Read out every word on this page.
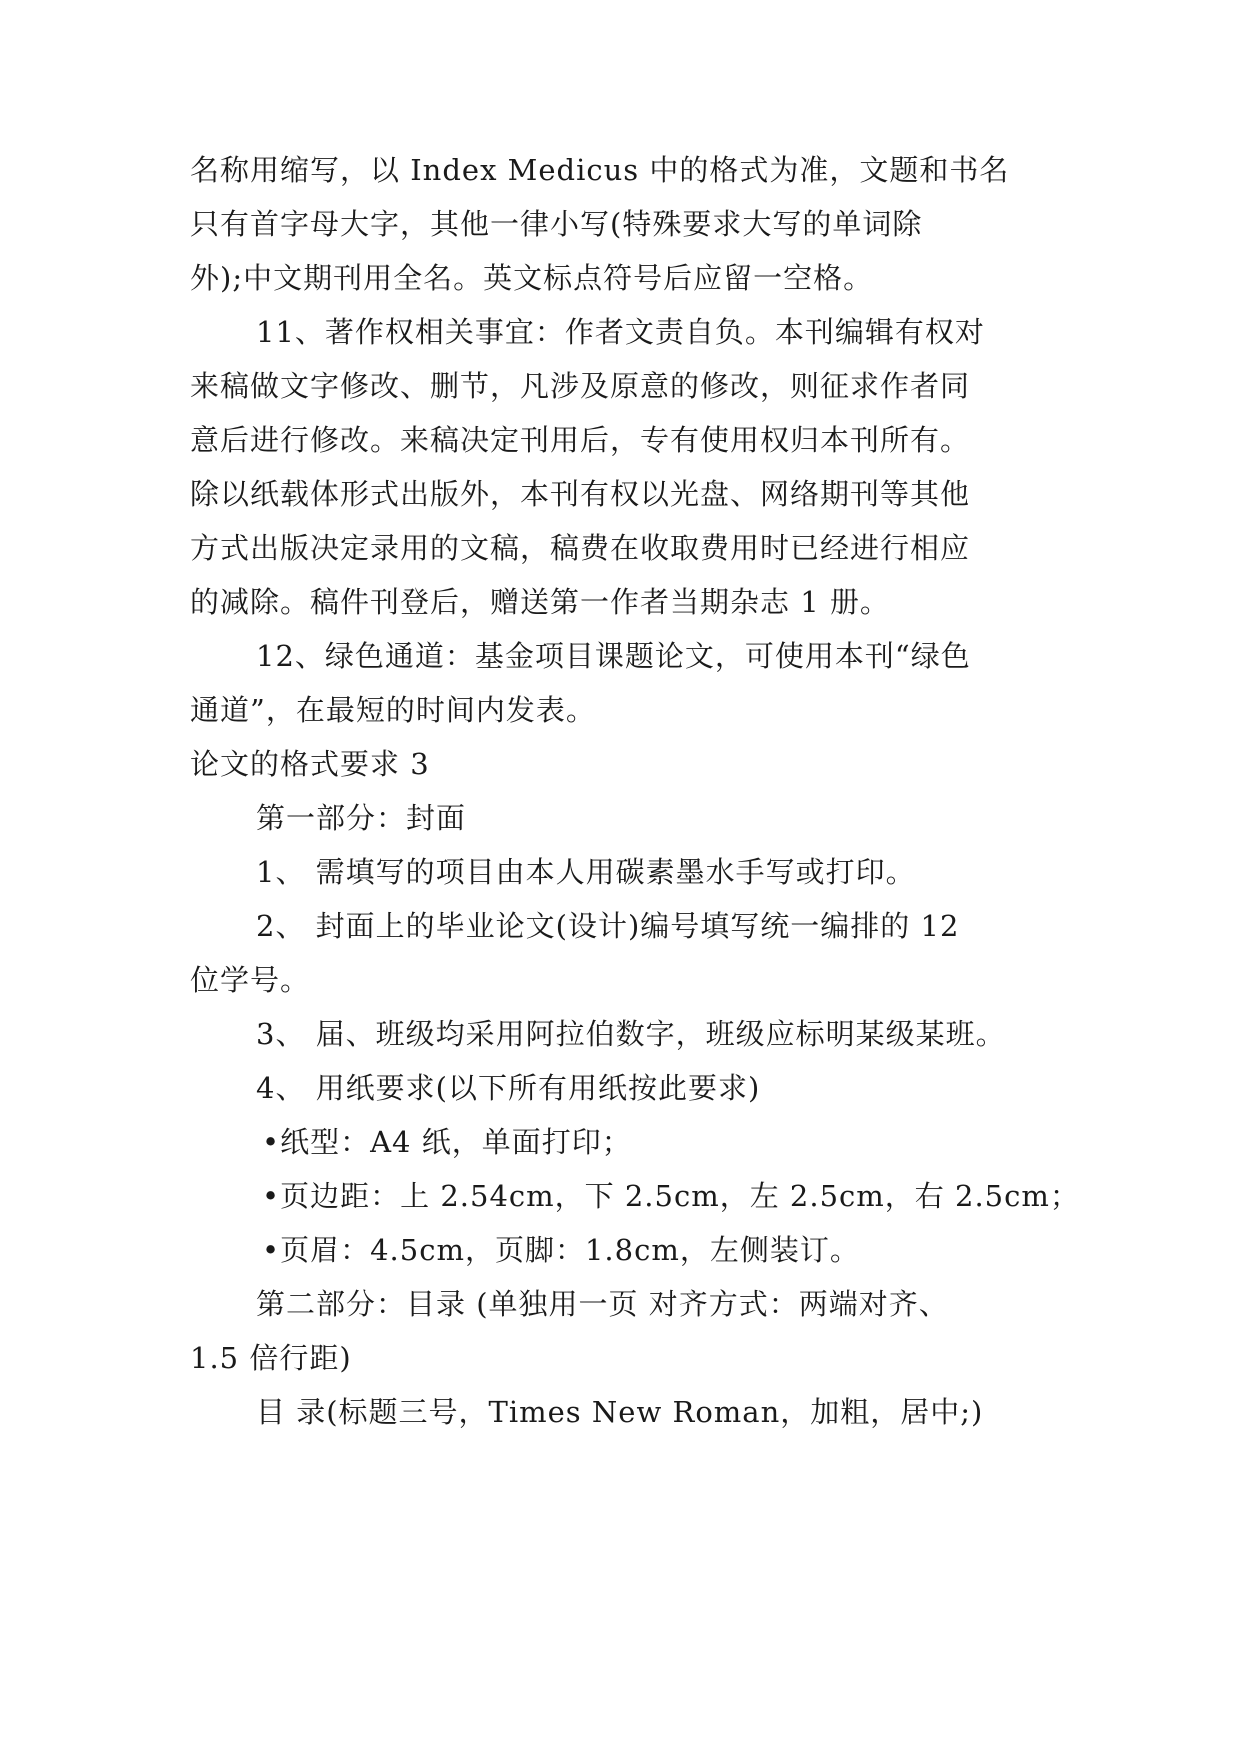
名称用缩写，以 Index Medicus 中的格式为准，文题和书名
只有首字母大字，其他一律小写(特殊要求大写的单词除
外);中文期刊用全名。英文标点符号后应留一空格。
11、著作权相关事宜：作者文责自负。本刊编辑有权对
来稿做文字修改、删节，凡涉及原意的修改，则征求作者同
意后进行修改。来稿决定刊用后，专有使用权归本刊所有。
除以纸载体形式出版外，本刊有权以光盘、网络期刊等其他
方式出版决定录用的文稿，稿费在收取费用时已经进行相应
的减除。稿件刊登后，赠送第一作者当期杂志 1 册。
12、绿色通道：基金项目课题论文，可使用本刊“绿色
通道”，在最短的时间内发表。
论文的格式要求 3
第一部分：封面
1、 需填写的项目由本人用碳素墨水手写或打印。
2、 封面上的毕业论文(设计)编号填写统一编排的 12
位学号。
3、 届、班级均采用阿拉伯数字，班级应标明某级某班。
4、 用纸要求(以下所有用纸按此要求)
•纸型：A4 纸，单面打印；
•页边距：上 2.54cm，下 2.5cm，左 2.5cm，右 2.5cm；
•页眉：4.5cm，页脚：1.8cm，左侧装订。
第二部分：目录 (单独用一页 对齐方式：两端对齐、
1.5 倍行距)
目 录(标题三号，Times New Roman，加粗，居中;)
